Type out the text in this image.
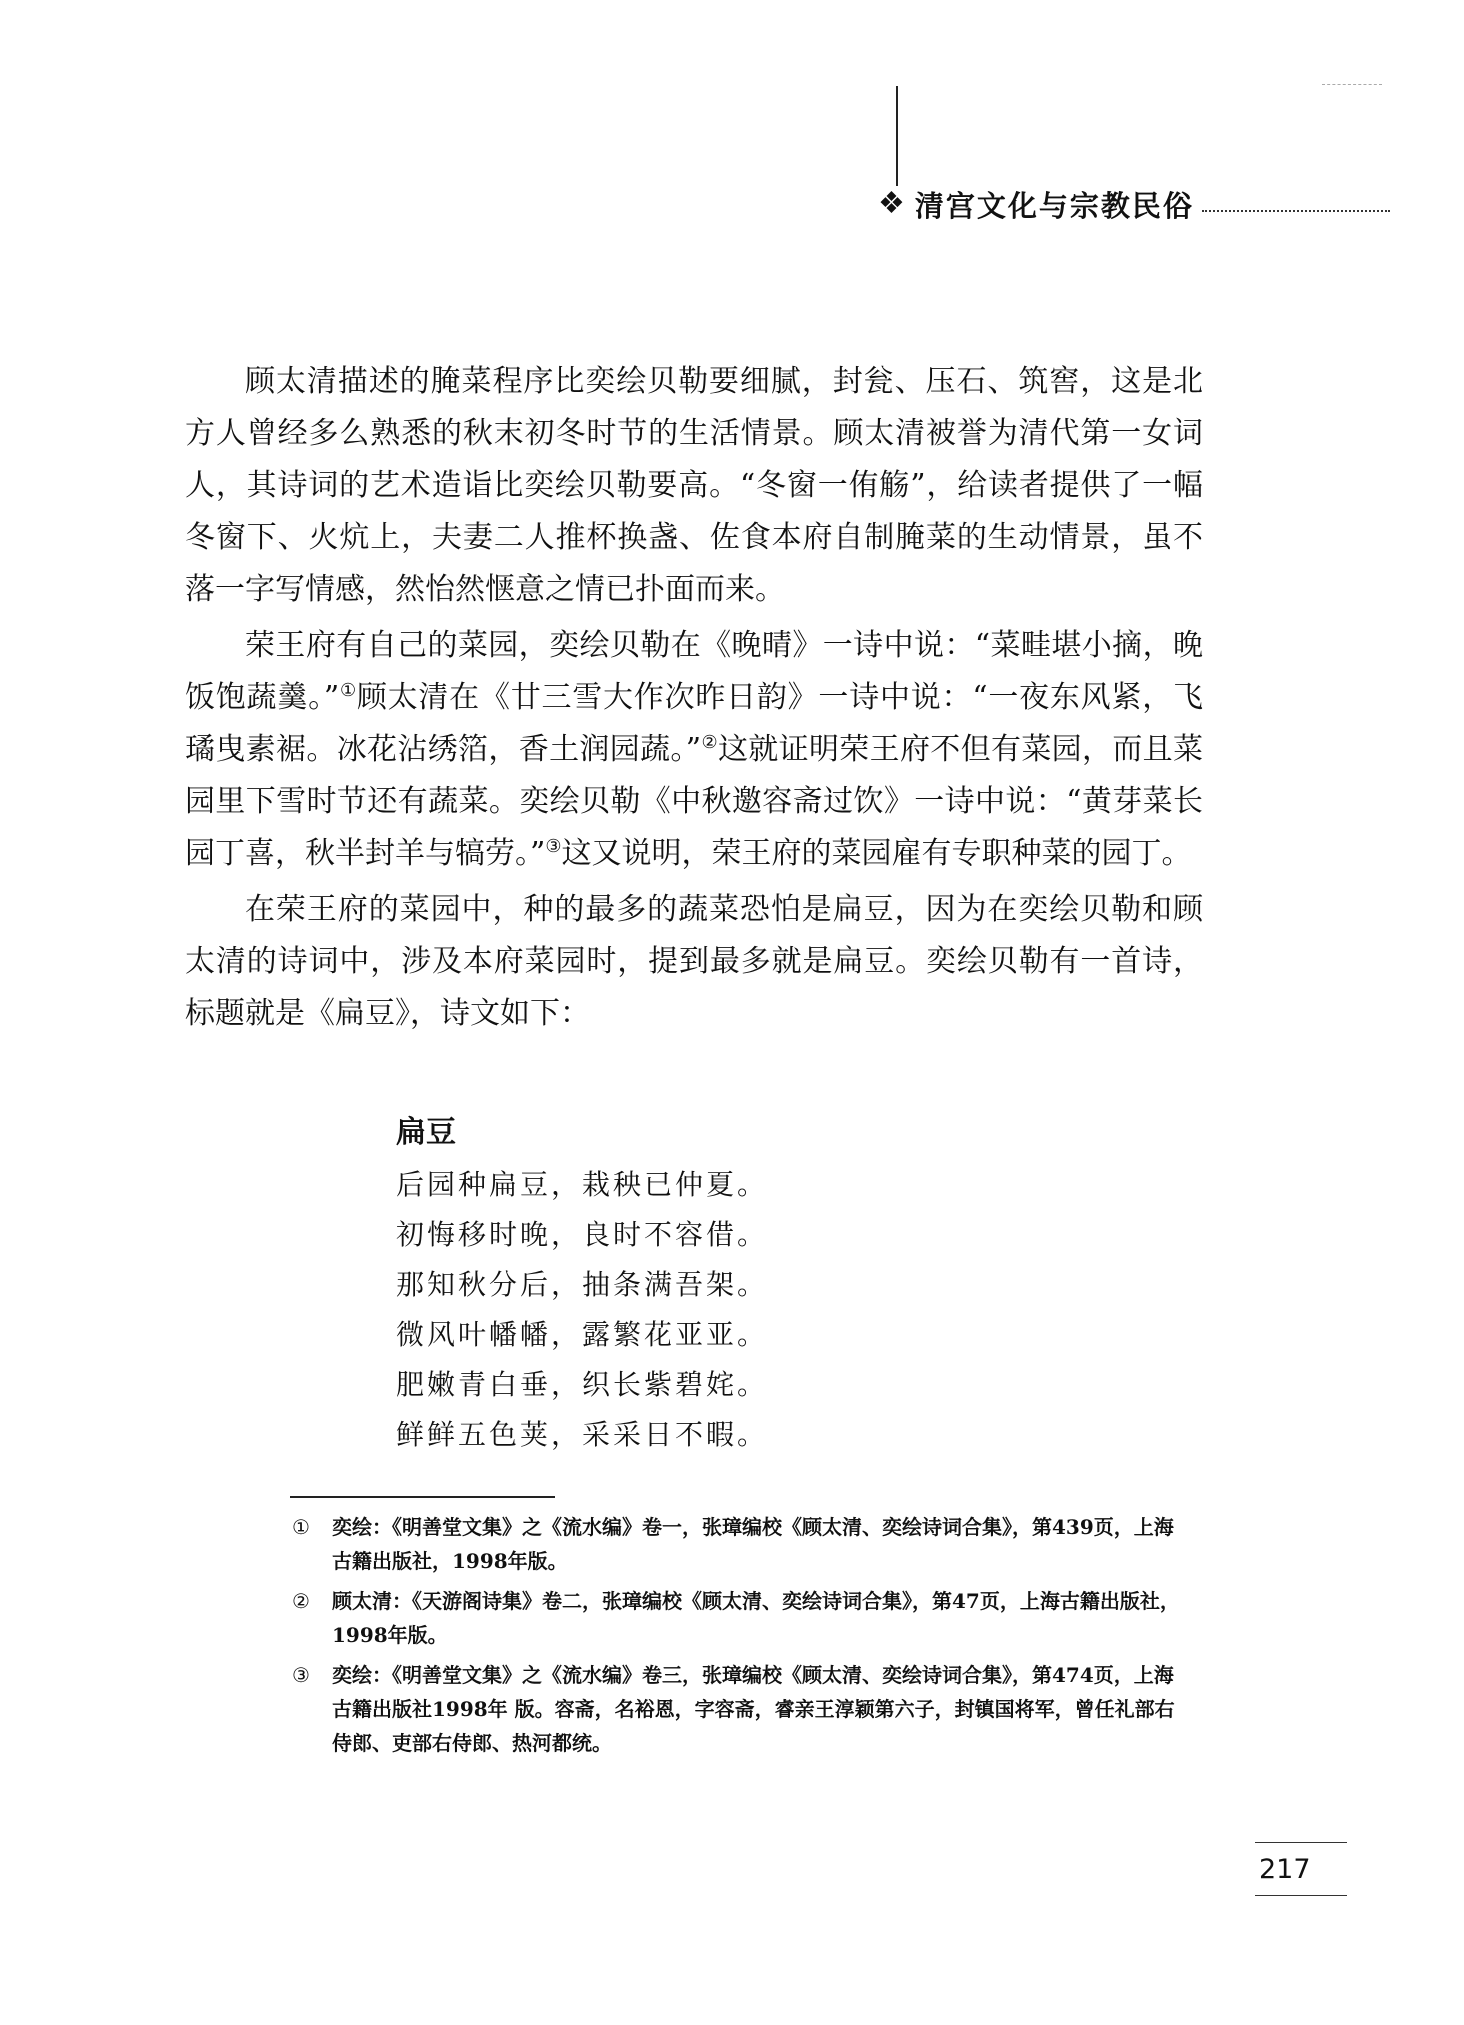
❖ 清宫文化与宗教民俗

顾太清描述的腌菜程序比奕绘贝勒要细腻，封瓮、压石、筑窖，这是北方人曾经多么熟悉的秋末初冬时节的生活情景。顾太清被誉为清代第一女词人，其诗词的艺术造诣比奕绘贝勒要高。“冬窗一侑觞”，给读者提供了一幅冬窗下、火炕上，夫妻二人推杯换盏、佐食本府自制腌菜的生动情景，虽不落一字写情感，然怡然惬意之情已扑面而来。

荣王府有自己的菜园，奕绘贝勒在《晚晴》一诗中说：“菜畦堪小摘，晚饭饱蔬羹。”①顾太清在《廿三雪大作次昨日韵》一诗中说：“一夜东风紧，飞璚曳素裾。冰花沾绣箔，香土润园蔬。”②这就证明荣王府不但有菜园，而且菜园里下雪时节还有蔬菜。奕绘贝勒《中秋邀容斋过饮》一诗中说：“黄芽菜长园丁喜，秋半封羊与犒劳。”③这又说明，荣王府的菜园雇有专职种菜的园丁。

在荣王府的菜园中，种的最多的蔬菜恐怕是扁豆，因为在奕绘贝勒和顾太清的诗词中，涉及本府菜园时，提到最多就是扁豆。奕绘贝勒有一首诗，标题就是《扁豆》，诗文如下：

扁豆
后园种扁豆，栽秧已仲夏。
初悔移时晚，良时不容借。
那知秋分后，抽条满吾架。
微风叶幡幡，露繁花亚亚。
肥嫩青白垂，织长紫碧姹。
鲜鲜五色荚，采采日不暇。
①	奕绘：《明善堂文集》之《流水编》卷一，张璋编校《顾太清、奕绘诗词合集》，第439页，上海古籍出版社，1998年版。
②	顾太清：《天游阁诗集》卷二，张璋编校《顾太清、奕绘诗词合集》，第47页，上海古籍出版社，1998年版。
③	奕绘：《明善堂文集》之《流水编》卷三，张璋编校《顾太清、奕绘诗词合集》，第474页，上海古籍出版社1998年 版。容斋，名裕恩，字容斋，睿亲王淳颖第六子，封镇国将军，曾任礼部右侍郎、吏部右侍郎、热河都统。
217
